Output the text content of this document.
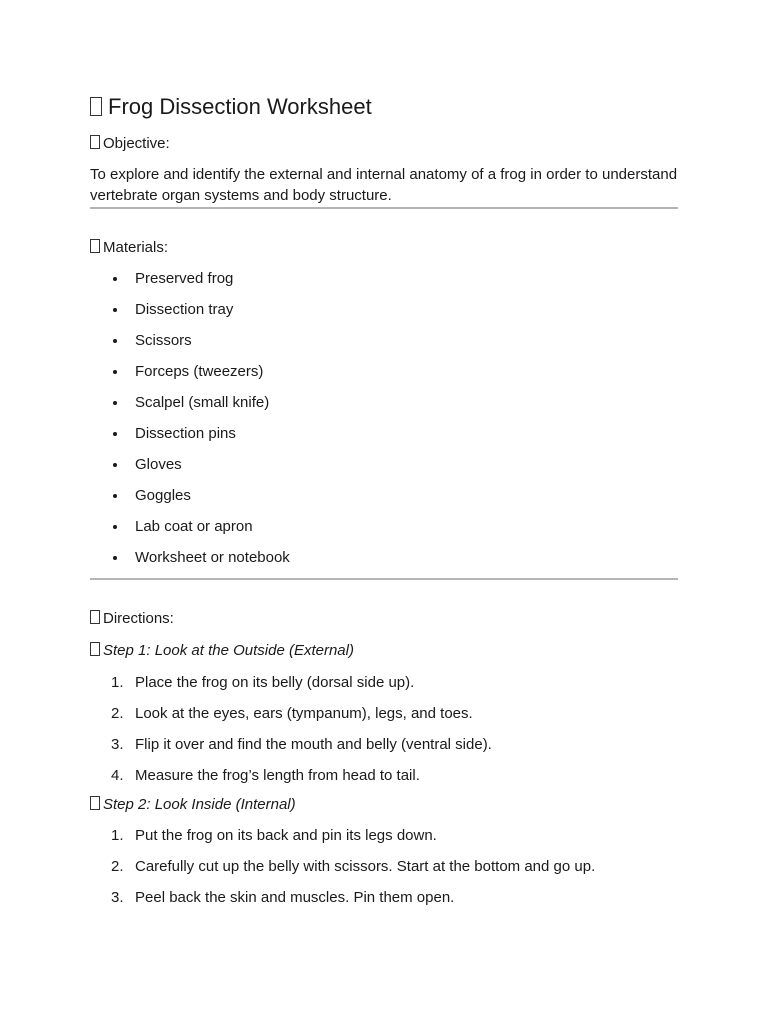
Frog Dissection Worksheet
Objective:
To explore and identify the external and internal anatomy of a frog in order to understand vertebrate organ systems and body structure.
Materials:
Preserved frog
Dissection tray
Scissors
Forceps (tweezers)
Scalpel (small knife)
Dissection pins
Gloves
Goggles
Lab coat or apron
Worksheet or notebook
Directions:
Step 1: Look at the Outside (External)
1. Place the frog on its belly (dorsal side up).
2. Look at the eyes, ears (tympanum), legs, and toes.
3. Flip it over and find the mouth and belly (ventral side).
4. Measure the frog’s length from head to tail.
Step 2: Look Inside (Internal)
1. Put the frog on its back and pin its legs down.
2. Carefully cut up the belly with scissors. Start at the bottom and go up.
3. Peel back the skin and muscles. Pin them open.
